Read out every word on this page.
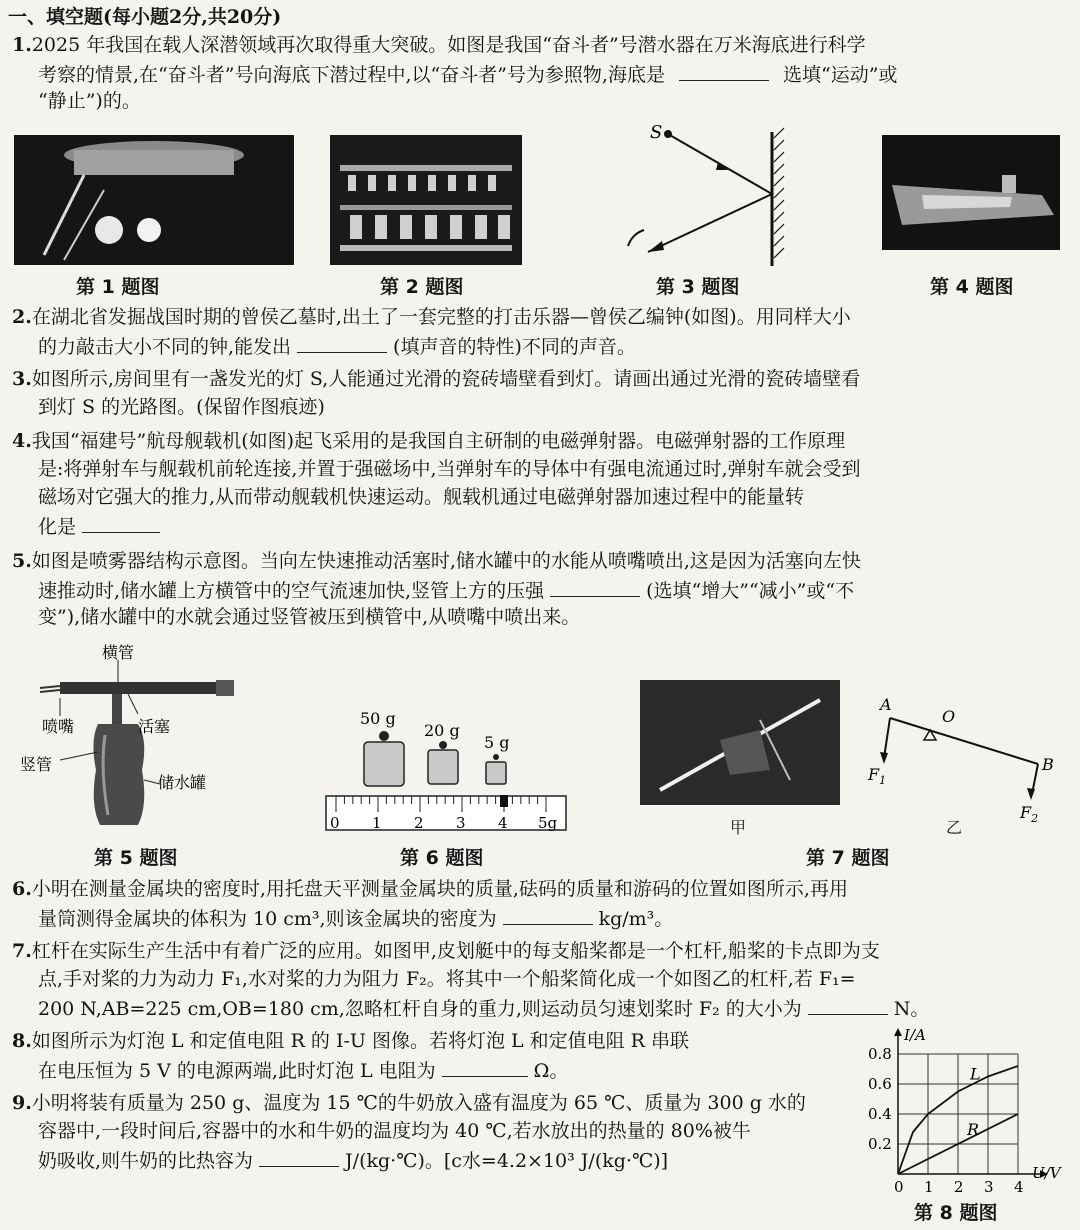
一、填空题(每小题2分,共20分)
1.2025 年我国在载人深潜领域再次取得重大突破。如图是我国“奋斗者”号潜水器在万米海底进行科学
考察的情景,在“奋斗者”号向海底下潜过程中,以“奋斗者”号为参照物,海底是	选填“运动”或
“静止”)的。
S
第 1 题图	第 2 题图	第 3 题图	第 4 题图
2.在湖北省发掘战国时期的曾侯乙墓时,出土了一套完整的打击乐器—曾侯乙编钟(如图)。用同样大小
的力敲击大小不同的钟,能发出	(填声音的特性)不同的声音。
3.如图所示,房间里有一盏发光的灯 S,人能通过光滑的瓷砖墙壁看到灯。请画出通过光滑的瓷砖墙壁看
到灯 S 的光路图。(保留作图痕迹)
4.我国“福建号”航母舰载机(如图)起飞采用的是我国自主研制的电磁弹射器。电磁弹射器的工作原理
是:将弹射车与舰载机前轮连接,并置于强磁场中,当弹射车的导体中有强电流通过时,弹射车就会受到
磁场对它强大的推力,从而带动舰载机快速运动。舰载机通过电磁弹射器加速过程中的能量转
化是
5.如图是喷雾器结构示意图。当向左快速推动活塞时,储水罐中的水能从喷嘴喷出,这是因为活塞向左快
速推动时,储水罐上方横管中的空气流速加快,竖管上方的压强	(选填“增大”“减小”或“不
变”),储水罐中的水就会通过竖管被压到横管中,从喷嘴中喷出来。
横管
喷嘴	活塞
竖管
储水罐
50 g
20 g
5 g
0 1 2 3 4 5g	甲
A
O
B
$F_1$
$F_2$
乙
第 5 题图	第 6 题图	第 7 题图
6.小明在测量金属块的密度时,用托盘天平测量金属块的质量,砝码的质量和游码的位置如图所示,再用
量筒测得金属块的体积为 10 cm³,则该金属块的密度为	kg/m³。
7.杠杆在实际生产生活中有着广泛的应用。如图甲,皮划艇中的每支船桨都是一个杠杆,船桨的卡点即为支
点,手对桨的力为动力 F₁,水对桨的力为阻力 F₂。将其中一个船桨简化成一个如图乙的杠杆,若 F₁=
200 N,AB=225 cm,OB=180 cm,忽略杠杆自身的重力,则运动员匀速划桨时 F₂ 的大小为	N。
8.如图所示为灯泡 L 和定值电阻 R 的 I-U 图像。若将灯泡 L 和定值电阻 R 串联
在电压恒为 5 V 的电源两端,此时灯泡 L 电阻为	Ω。
9.小明将装有质量为 250 g、温度为 15 ℃的牛奶放入盛有温度为 65 ℃、质量为 300 g 水的
容器中,一段时间后,容器中的水和牛奶的温度均为 40 ℃,若水放出的热量的 80%被牛
奶吸收,则牛奶的比热容为	J/(kg·℃)。[c水=4.2×10³ J/(kg·℃)]
L
R
0 1 2 3 4
0.2
0.4
0.6
0.8
U/V
I/A
第 8 题图
